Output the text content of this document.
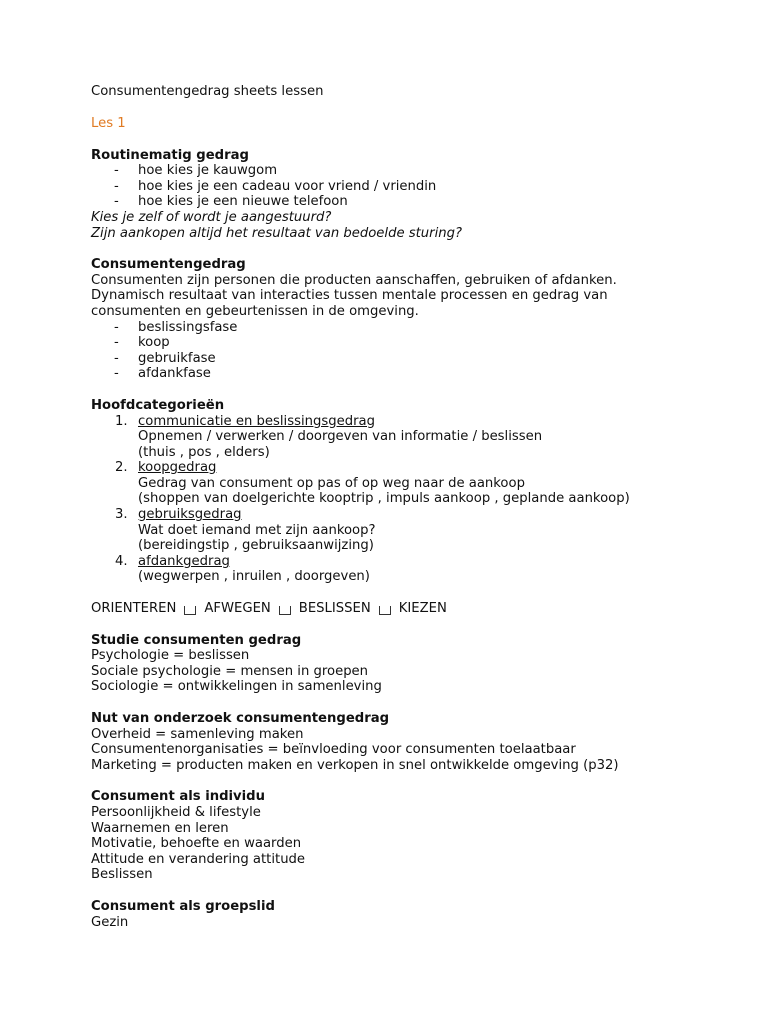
Consumentengedrag sheets lessen
Les 1
Routinematig gedrag
-	hoe kies je kauwgom
-	hoe kies je een cadeau voor vriend / vriendin
-	hoe kies je een nieuwe telefoon
Kies je zelf of wordt je aangestuurd?
Zijn aankopen altijd het resultaat van bedoelde sturing?
Consumentengedrag
Consumenten zijn personen die producten aanschaffen, gebruiken of afdanken.
Dynamisch resultaat van interacties tussen mentale processen en gedrag van
consumenten en gebeurtenissen in de omgeving.
-	beslissingsfase
-	koop
-	gebruikfase
-	afdankfase
Hoofdcategorieën
1. communicatie en beslissingsgedrag
Opnemen / verwerken / doorgeven van informatie / beslissen
(thuis , pos , elders)
2. koopgedrag
Gedrag van consument op pas of op weg naar de aankoop
(shoppen van doelgerichte kooptrip , impuls aankoop , geplande aankoop)
3. gebruiksgedrag
Wat doet iemand met zijn aankoop?
(bereidingstip , gebruiksaanwijzing)
4. afdankgedrag
(wegwerpen , inruilen , doorgeven)
ORIENTEREN AFWEGEN BESLISSEN KIEZEN
Studie consumenten gedrag
Psychologie = beslissen
Sociale psychologie = mensen in groepen
Sociologie = ontwikkelingen in samenleving
Nut van onderzoek consumentengedrag
Overheid = samenleving maken
Consumentenorganisaties = beïnvloeding voor consumenten toelaatbaar
Marketing = producten maken en verkopen in snel ontwikkelde omgeving (p32)
Consument als individu
Persoonlijkheid & lifestyle
Waarnemen en leren
Motivatie, behoefte en waarden
Attitude en verandering attitude
Beslissen
Consument als groepslid
Gezin
